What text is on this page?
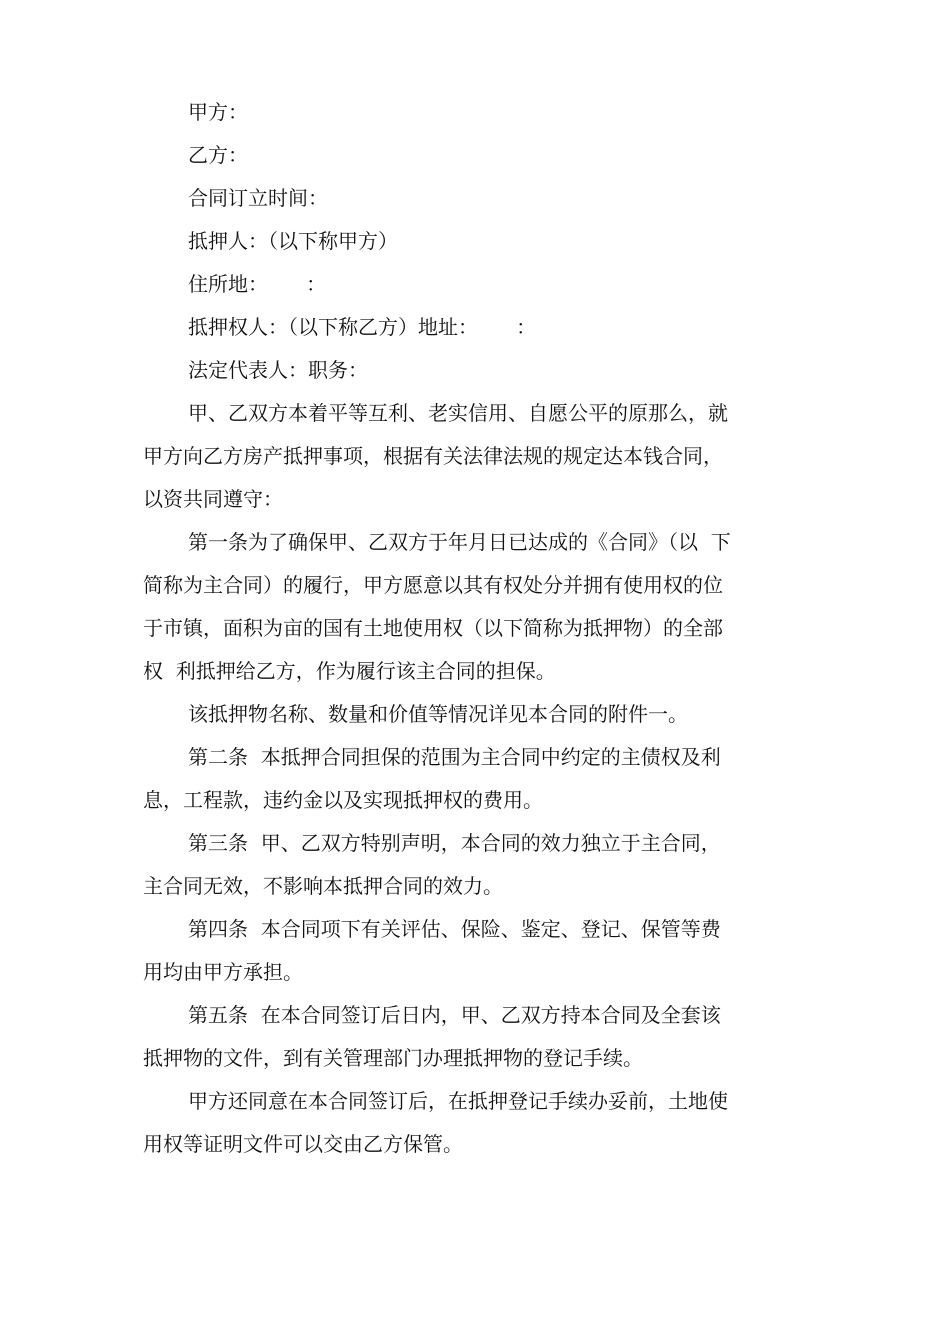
甲方：
乙方：
合同订立时间：
抵押人：（以下称甲方）
住所地：      ：
抵押权人：（以下称乙方）地址：      ：
法定代表人：职务：
甲、乙双方本着平等互利、老实信用、自愿公平的原那么，就
甲方向乙方房产抵押事项，根据有关法律法规的规定达本钱合同，
以资共同遵守：
第一条为了确保甲、乙双方于年月日已达成的《合同》（以  下
简称为主合同）的履行，甲方愿意以其有权处分并拥有使用权的位
于市镇，面积为亩的国有土地使用权（以下简称为抵押物）的全部
权  利抵押给乙方，作为履行该主合同的担保。
该抵押物名称、数量和价值等情况详见本合同的附件一。
第二条  本抵押合同担保的范围为主合同中约定的主债权及利
息，工程款，违约金以及实现抵押权的费用。
第三条  甲、乙双方特别声明，本合同的效力独立于主合同，
主合同无效，不影响本抵押合同的效力。
第四条  本合同项下有关评估、保险、鉴定、登记、保管等费
用均由甲方承担。
第五条  在本合同签订后日内，甲、乙双方持本合同及全套该
抵押物的文件，到有关管理部门办理抵押物的登记手续。
甲方还同意在本合同签订后，在抵押登记手续办妥前，土地使
用权等证明文件可以交由乙方保管。
